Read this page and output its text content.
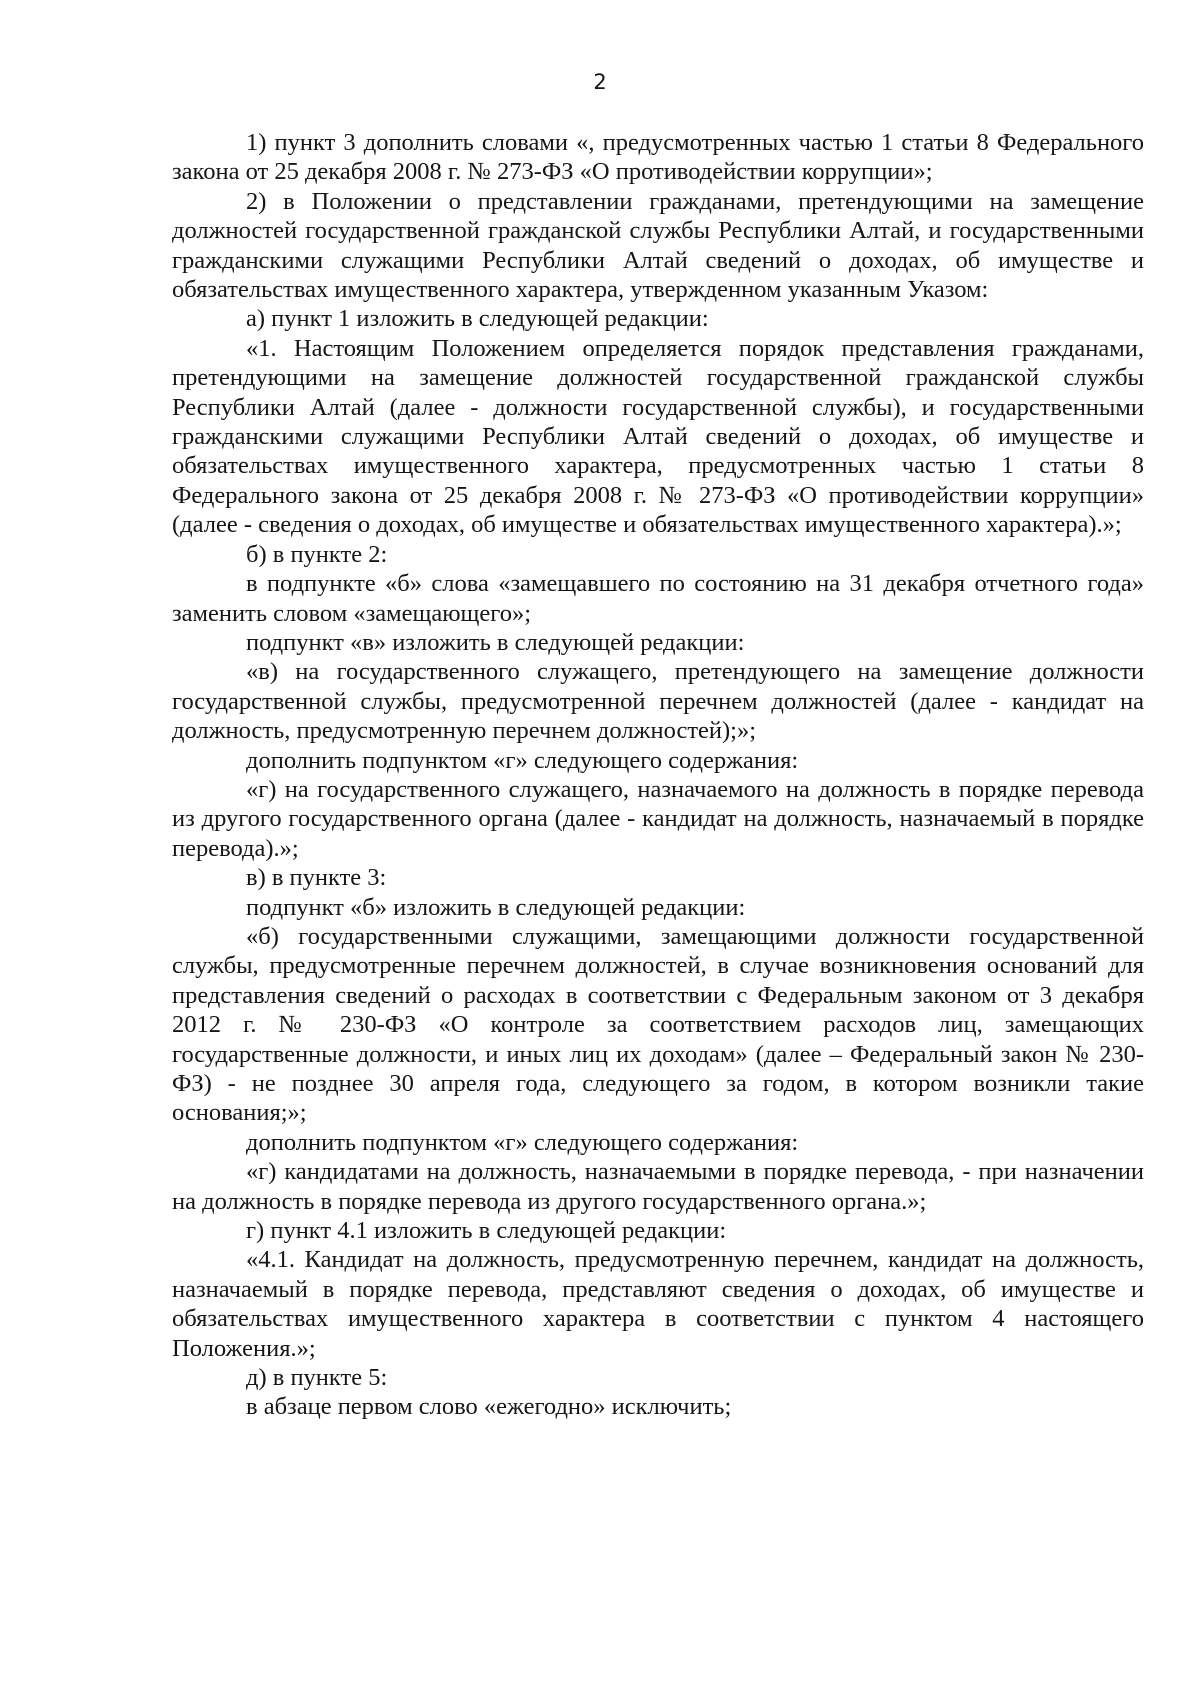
2

1) пункт 3 дополнить словами «, предусмотренных частью 1 статьи 8 Федерального закона от 25 декабря 2008 г. № 273-ФЗ «О противодействии коррупции»;

2) в Положении о представлении гражданами, претендующими на замещение должностей государственной гражданской службы Республики Алтай, и государственными гражданскими служащими Республики Алтай сведений о доходах, об имуществе и обязательствах имущественного характера, утвержденном указанным Указом:

а) пункт 1 изложить в следующей редакции:

«1. Настоящим Положением определяется порядок представления гражданами, претендующими на замещение должностей государственной гражданской службы Республики Алтай (далее - должности государственной службы), и государственными гражданскими служащими Республики Алтай сведений о доходах, об имуществе и обязательствах имущественного характера, предусмотренных частью 1 статьи 8 Федерального закона от 25 декабря 2008 г. № 273-ФЗ «О противодействии коррупции» (далее - сведения о доходах, об имуществе и обязательствах имущественного характера).»;

б) в пункте 2:

в подпункте «б» слова «замещавшего по состоянию на 31 декабря отчетного года» заменить словом «замещающего»;

подпункт «в» изложить в следующей редакции:

«в) на государственного служащего, претендующего на замещение должности государственной службы, предусмотренной перечнем должностей (далее - кандидат на должность, предусмотренную перечнем должностей);»;

дополнить подпунктом «г» следующего содержания:

«г) на государственного служащего, назначаемого на должность в порядке перевода из другого государственного органа (далее - кандидат на должность, назначаемый в порядке перевода).»;

в) в пункте 3:

подпункт «б» изложить в следующей редакции:

«б) государственными служащими, замещающими должности государственной службы, предусмотренные перечнем должностей, в случае возникновения оснований для представления сведений о расходах в соответствии с Федеральным законом от 3 декабря 2012 г. № 230-ФЗ «О контроле за соответствием расходов лиц, замещающих государственные должности, и иных лиц их доходам» (далее – Федеральный закон № 230-ФЗ) - не позднее 30 апреля года, следующего за годом, в котором возникли такие основания;»;

дополнить подпунктом «г» следующего содержания:

«г) кандидатами на должность, назначаемыми в порядке перевода, - при назначении на должность в порядке перевода из другого государственного органа.»;

г) пункт 4.1 изложить в следующей редакции:

«4.1. Кандидат на должность, предусмотренную перечнем, кандидат на должность, назначаемый в порядке перевода, представляют сведения о доходах, об имуществе и обязательствах имущественного характера в соответствии с пунктом 4 настоящего Положения.»;

д) в пункте 5:

в абзаце первом слово «ежегодно» исключить;
